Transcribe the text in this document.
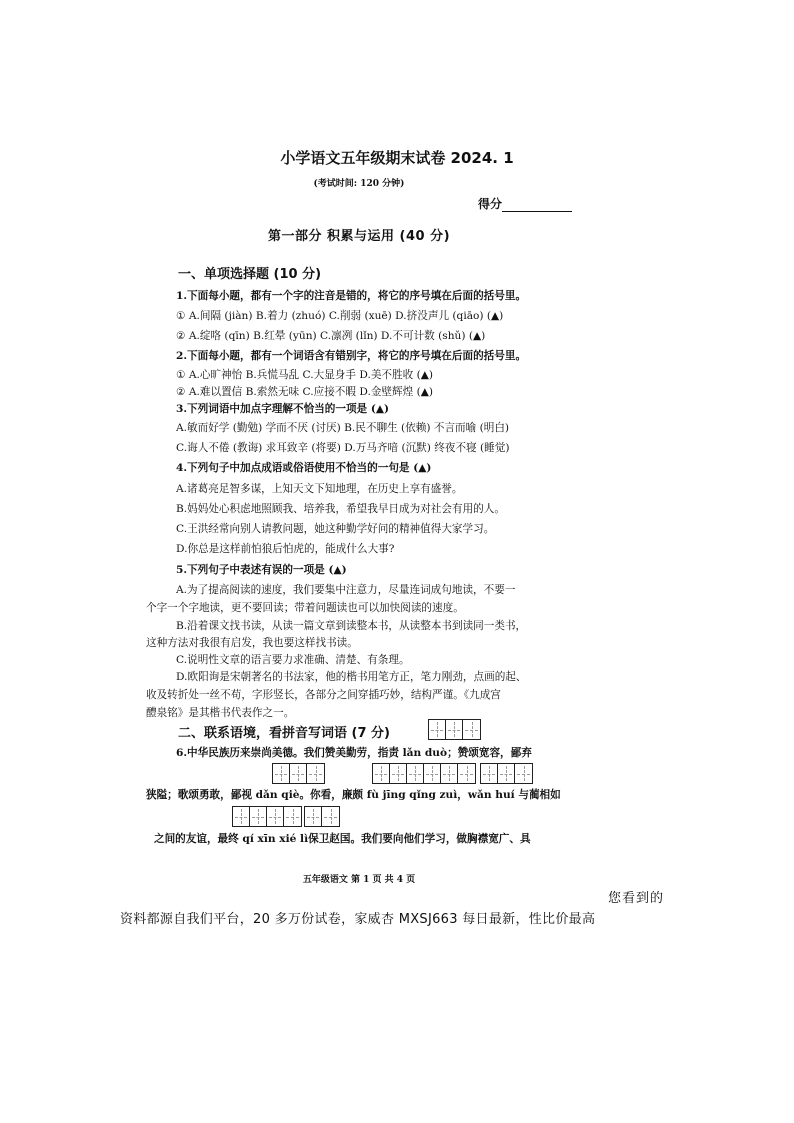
小学语文五年级期末试卷 2024. 1
(考试时间: 120 分钟)
得分
第一部分 积累与运用 (40 分)
一、单项选择题 (10 分)
1.下面每小题，都有一个字的注音是错的，将它的序号填在后面的括号里。
① A.间隔 (jiàn) B.着力 (zhuó) C.削弱 (xuē) D.挤没声儿 (qiāo) (▲)
② A.绽咯 (qīn) B.红晕 (yūn) C.凛冽 (lǐn) D.不可计数 (shǔ) (▲)
2.下面每小题，都有一个词语含有错别字，将它的序号填在后面的括号里。
① A.心旷神怡 B.兵慌马乱 C.大显身手 D.美不胜收 (▲)
② A.难以置信 B.索然无味 C.应接不暇 D.金壁辉煌 (▲)
3.下列词语中加点字理解不恰当的一项是 (▲)
A.敏而好学 (勤勉) 学而不厌 (讨厌) B.民不聊生 (依赖) 不言而喻 (明白)
C.诲人不倦 (教诲) 求耳致辛 (将要) D.万马齐喑 (沉默) 终夜不寝 (睡觉)
4.下列句子中加点成语或俗语使用不恰当的一句是 (▲)
A.诸葛亮足智多谋，上知天文下知地理，在历史上享有盛誉。
B.妈妈处心积虑地照顾我、培养我，希望我早日成为对社会有用的人。
C.王洪经常向别人请教问题，她这种勤学好问的精神值得大家学习。
D.你总是这样前怕狼后怕虎的，能成什么大事?
5.下列句子中表述有误的一项是 (▲)
A.为了提高阅读的速度，我们要集中注意力，尽量连词成句地读，不要一
个字一个字地读，更不要回读；带着问题读也可以加快阅读的速度。
B.沿着课文找书读，从读一篇文章到读整本书，从读整本书到读同一类书，
这种方法对我很有启发，我也要这样找书读。
C.说明性文章的语言要力求准确、清楚、有条理。
D.欧阳询是宋朝著名的书法家，他的楷书用笔方正，笔力刚劲，点画的起、
收及转折处一丝不苟，字形竖长，各部分之间穿插巧妙，结构严谨。《九成宫
醴泉铭》是其楷书代表作之一。
二、联系语境，看拼音写词语 (7 分)
6.中华民族历来崇尚美德。我们赞美勤劳，指责 lǎn duò；赞颂宽容，鄙弃
狭隘；歌颂勇敢，鄙视 dǎn qiè。你看，廉颇 fù jīng qǐng zuì，wǎn huí 与蔺相如
之间的友谊，最终 qí xīn xié lì保卫赵国。我们要向他们学习，做胸襟宽广、具
五年级语文 第 1 页 共 4 页
您看到的
资料都源自我们平台，20 多万份试卷，家威杏 MXSJ663 每日最新，性比价最高
